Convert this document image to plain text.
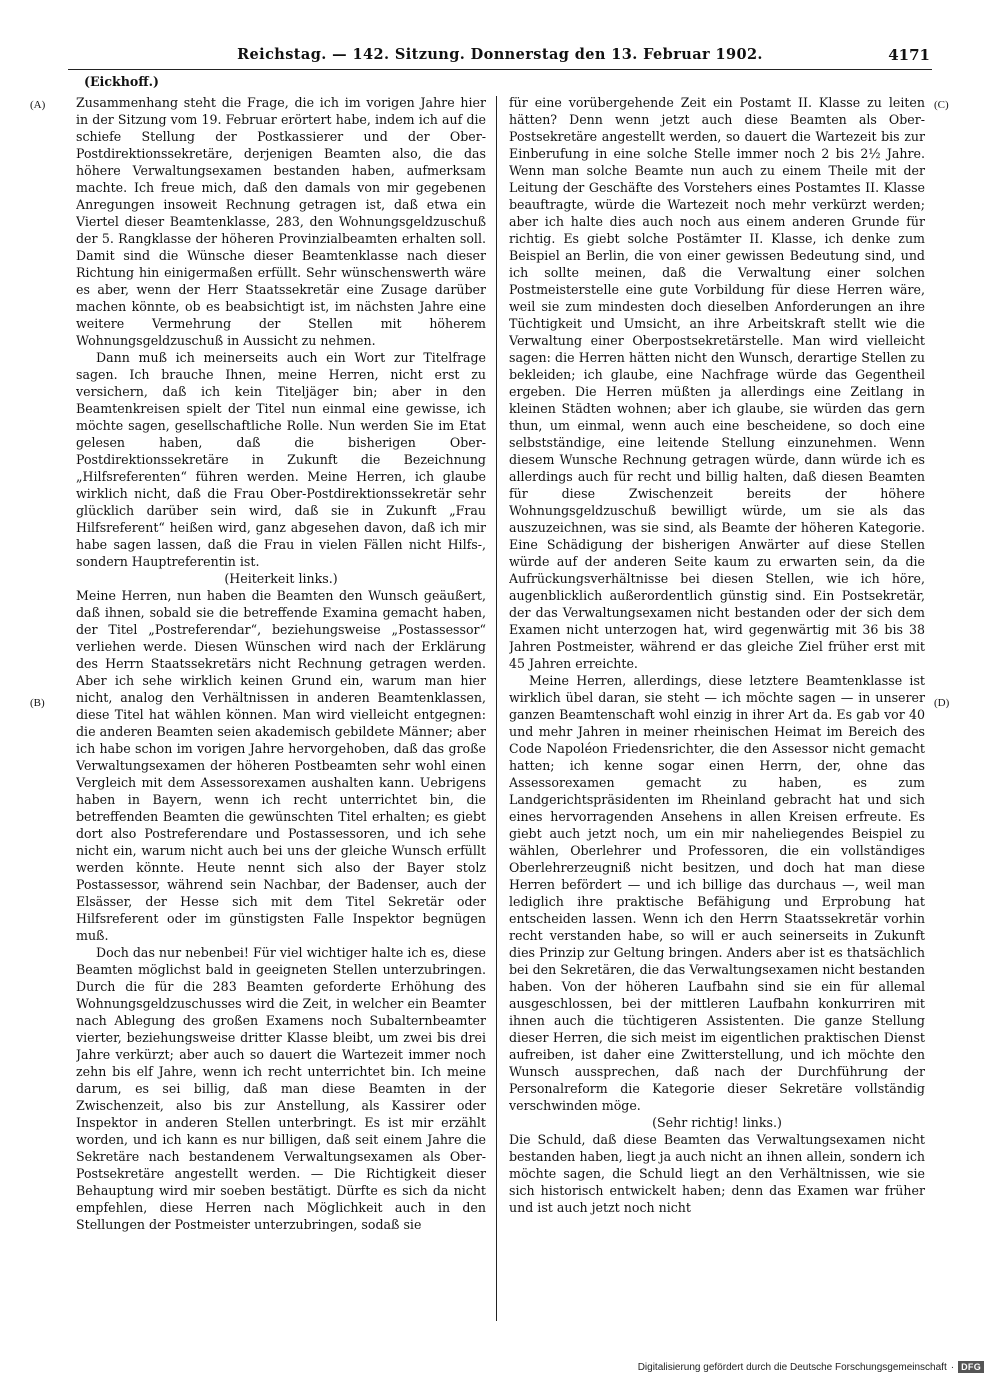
Reichstag. — 142. Sitzung. Donnerstag den 13. Februar 1902.	4171
(Eickhoff.)
(A)
(B)
(C)
(D)

Zusammenhang steht die Frage, die ich im vorigen Jahre hier in der Sitzung vom 19. Februar erörtert habe, indem ich auf die schiefe Stellung der Postkassierer und der Ober-Postdirektionssekretäre, derjenigen Beamten also, die das höhere Verwaltungsexamen bestanden haben, aufmerksam machte. Ich freue mich, daß den damals von mir gegebenen Anregungen insoweit Rechnung getragen ist, daß etwa ein Viertel dieser Beamtenklasse, 283, den Wohnungsgeldzuschuß der 5. Rangklasse der höheren Provinzialbeamten erhalten soll. Damit sind die Wünsche dieser Beamtenklasse nach dieser Richtung hin einigermaßen erfüllt. Sehr wünschenswerth wäre es aber, wenn der Herr Staatssekretär eine Zusage darüber machen könnte, ob es beabsichtigt ist, im nächsten Jahre eine weitere Vermehrung der Stellen mit höherem Wohnungsgeldzuschuß in Aussicht zu nehmen.

Dann muß ich meinerseits auch ein Wort zur Titelfrage sagen. Ich brauche Ihnen, meine Herren, nicht erst zu versichern, daß ich kein Titeljäger bin; aber in den Beamtenkreisen spielt der Titel nun einmal eine gewisse, ich möchte sagen, gesellschaftliche Rolle. Nun werden Sie im Etat gelesen haben, daß die bisherigen Ober-Postdirektionssekretäre in Zukunft die Bezeichnung „Hilfsreferenten“ führen werden. Meine Herren, ich glaube wirklich nicht, daß die Frau Ober-Postdirektionssekretär sehr glücklich darüber sein wird, daß sie in Zukunft „Frau Hilfsreferent“ heißen wird, ganz abgesehen davon, daß ich mir habe sagen lassen, daß die Frau in vielen Fällen nicht Hilfs-, sondern Hauptreferentin ist.

(Heiterkeit links.)

Meine Herren, nun haben die Beamten den Wunsch geäußert, daß ihnen, sobald sie die betreffende Examina gemacht haben, der Titel „Postreferendar“, beziehungsweise „Postassessor“ verliehen werde. Diesen Wünschen wird nach der Erklärung des Herrn Staatssekretärs nicht Rechnung getragen werden. Aber ich sehe wirklich keinen Grund ein, warum man hier nicht, analog den Verhältnissen in anderen Beamtenklassen, diese Titel hat wählen können. Man wird vielleicht entgegnen: die anderen Beamten seien akademisch gebildete Männer; aber ich habe schon im vorigen Jahre hervorgehoben, daß das große Verwaltungsexamen der höheren Postbeamten sehr wohl einen Vergleich mit dem Assessorexamen aushalten kann. Uebrigens haben in Bayern, wenn ich recht unterrichtet bin, die betreffenden Beamten die gewünschten Titel erhalten; es giebt dort also Postreferendare und Postassessoren, und ich sehe nicht ein, warum nicht auch bei uns der gleiche Wunsch erfüllt werden könnte. Heute nennt sich also der Bayer stolz Postassessor, während sein Nachbar, der Badenser, auch der Elsässer, der Hesse sich mit dem Titel Sekretär oder Hilfsreferent oder im günstigsten Falle Inspektor begnügen muß.

Doch das nur nebenbei! Für viel wichtiger halte ich es, diese Beamten möglichst bald in geeigneten Stellen unterzubringen. Durch die für die 283 Beamten geforderte Erhöhung des Wohnungsgeldzuschusses wird die Zeit, in welcher ein Beamter nach Ablegung des großen Examens noch Subalternbeamter vierter, beziehungsweise dritter Klasse bleibt, um zwei bis drei Jahre verkürzt; aber auch so dauert die Wartezeit immer noch zehn bis elf Jahre, wenn ich recht unterrichtet bin. Ich meine darum, es sei billig, daß man diese Beamten in der Zwischenzeit, also bis zur Anstellung, als Kassirer oder Inspektor in anderen Stellen unterbringt. Es ist mir erzählt worden, und ich kann es nur billigen, daß seit einem Jahre die Sekretäre nach bestandenem Verwaltungsexamen als Ober-Postsekretäre angestellt werden. — Die Richtigkeit dieser Behauptung wird mir soeben bestätigt. Dürfte es sich da nicht empfehlen, diese Herren nach Möglichkeit auch in den Stellungen der Postmeister unterzubringen, sodaß sie

für eine vorübergehende Zeit ein Postamt II. Klasse zu leiten hätten? Denn wenn jetzt auch diese Beamten als Ober-Postsekretäre angestellt werden, so dauert die Wartezeit bis zur Einberufung in eine solche Stelle immer noch 2 bis 2½ Jahre. Wenn man solche Beamte nun auch zu einem Theile mit der Leitung der Geschäfte des Vorstehers eines Postamtes II. Klasse beauftragte, würde die Wartezeit noch mehr verkürzt werden; aber ich halte dies auch noch aus einem anderen Grunde für richtig. Es giebt solche Postämter II. Klasse, ich denke zum Beispiel an Berlin, die von einer gewissen Bedeutung sind, und ich sollte meinen, daß die Verwaltung einer solchen Postmeisterstelle eine gute Vorbildung für diese Herren wäre, weil sie zum mindesten doch dieselben Anforderungen an ihre Tüchtigkeit und Umsicht, an ihre Arbeitskraft stellt wie die Verwaltung einer Oberpostsekretärstelle. Man wird vielleicht sagen: die Herren hätten nicht den Wunsch, derartige Stellen zu bekleiden; ich glaube, eine Nachfrage würde das Gegentheil ergeben. Die Herren müßten ja allerdings eine Zeitlang in kleinen Städten wohnen; aber ich glaube, sie würden das gern thun, um einmal, wenn auch eine bescheidene, so doch eine selbstständige, eine leitende Stellung einzunehmen. Wenn diesem Wunsche Rechnung getragen würde, dann würde ich es allerdings auch für recht und billig halten, daß diesen Beamten für diese Zwischenzeit bereits der höhere Wohnungsgeldzuschuß bewilligt würde, um sie als das auszuzeichnen, was sie sind, als Beamte der höheren Kategorie. Eine Schädigung der bisherigen Anwärter auf diese Stellen würde auf der anderen Seite kaum zu erwarten sein, da die Aufrückungsverhältnisse bei diesen Stellen, wie ich höre, augenblicklich außerordentlich günstig sind. Ein Postsekretär, der das Verwaltungsexamen nicht bestanden oder der sich dem Examen nicht unterzogen hat, wird gegenwärtig mit 36 bis 38 Jahren Postmeister, während er das gleiche Ziel früher erst mit 45 Jahren erreichte.

Meine Herren, allerdings, diese letztere Beamtenklasse ist wirklich übel daran, sie steht — ich möchte sagen — in unserer ganzen Beamtenschaft wohl einzig in ihrer Art da. Es gab vor 40 und mehr Jahren in meiner rheinischen Heimat im Bereich des Code Napoléon Friedensrichter, die den Assessor nicht gemacht hatten; ich kenne sogar einen Herrn, der, ohne das Assessorexamen gemacht zu haben, es zum Landgerichtspräsidenten im Rheinland gebracht hat und sich eines hervorragenden Ansehens in allen Kreisen erfreute. Es giebt auch jetzt noch, um ein mir naheliegendes Beispiel zu wählen, Oberlehrer und Professoren, die ein vollständiges Oberlehrerzeugniß nicht besitzen, und doch hat man diese Herren befördert — und ich billige das durchaus —, weil man lediglich ihre praktische Befähigung und Erprobung hat entscheiden lassen. Wenn ich den Herrn Staatssekretär vorhin recht verstanden habe, so will er auch seinerseits in Zukunft dies Prinzip zur Geltung bringen. Anders aber ist es thatsächlich bei den Sekretären, die das Verwaltungsexamen nicht bestanden haben. Von der höheren Laufbahn sind sie ein für allemal ausgeschlossen, bei der mittleren Laufbahn konkurriren mit ihnen auch die tüchtigeren Assistenten. Die ganze Stellung dieser Herren, die sich meist im eigentlichen praktischen Dienst aufreiben, ist daher eine Zwitterstellung, und ich möchte den Wunsch aussprechen, daß nach der Durchführung der Personalreform die Kategorie dieser Sekretäre vollständig verschwinden möge.

(Sehr richtig! links.)

Die Schuld, daß diese Beamten das Verwaltungsexamen nicht bestanden haben, liegt ja auch nicht an ihnen allein, sondern ich möchte sagen, die Schuld liegt an den Verhältnissen, wie sie sich historisch entwickelt haben; denn das Examen war früher und ist auch jetzt noch nicht

Digitalisierung gefördert durch die Deutsche Forschungsgemeinschaft · DFG
